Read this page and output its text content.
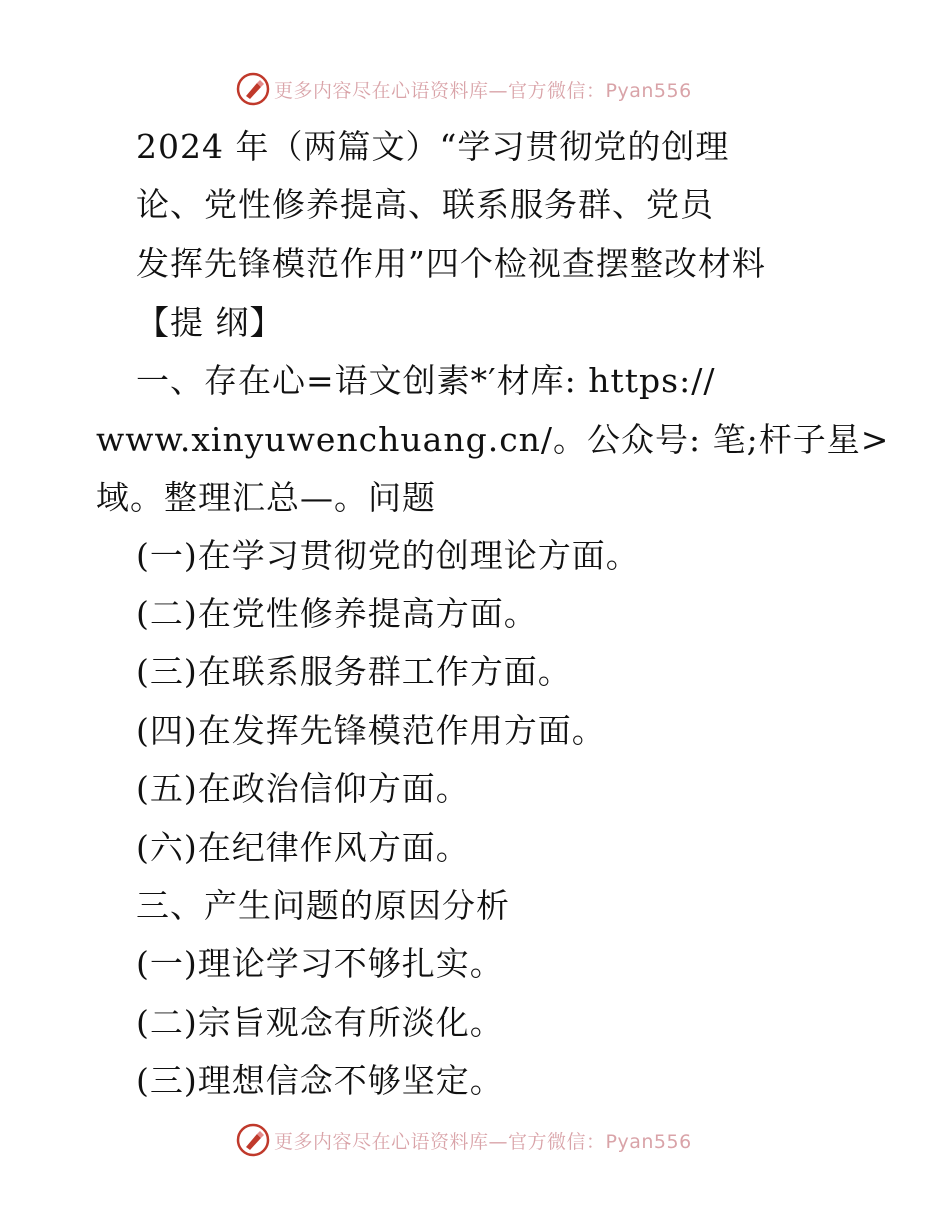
更多内容尽在心语资料库—官方微信：Pyan556
2024 年（两篇文）“学习贯彻党的创理
论、党性修养提高、联系服务群、党员
发挥先锋模范作用”四个检视查摆整改材料
【提 纲】
一、存在心=语文创素*′材库: https://
www.xinyuwenchuang.cn/。公众号: 笔;杆子星>
域。整理汇总—。问题
(一)在学习贯彻党的创理论方面。
(二)在党性修养提高方面。
(三)在联系服务群工作方面。
(四)在发挥先锋模范作用方面。
(五)在政治信仰方面。
(六)在纪律作风方面。
三、产生问题的原因分析
(一)理论学习不够扎实。
(二)宗旨观念有所淡化。
(三)理想信念不够坚定。
更多内容尽在心语资料库—官方微信：Pyan556
